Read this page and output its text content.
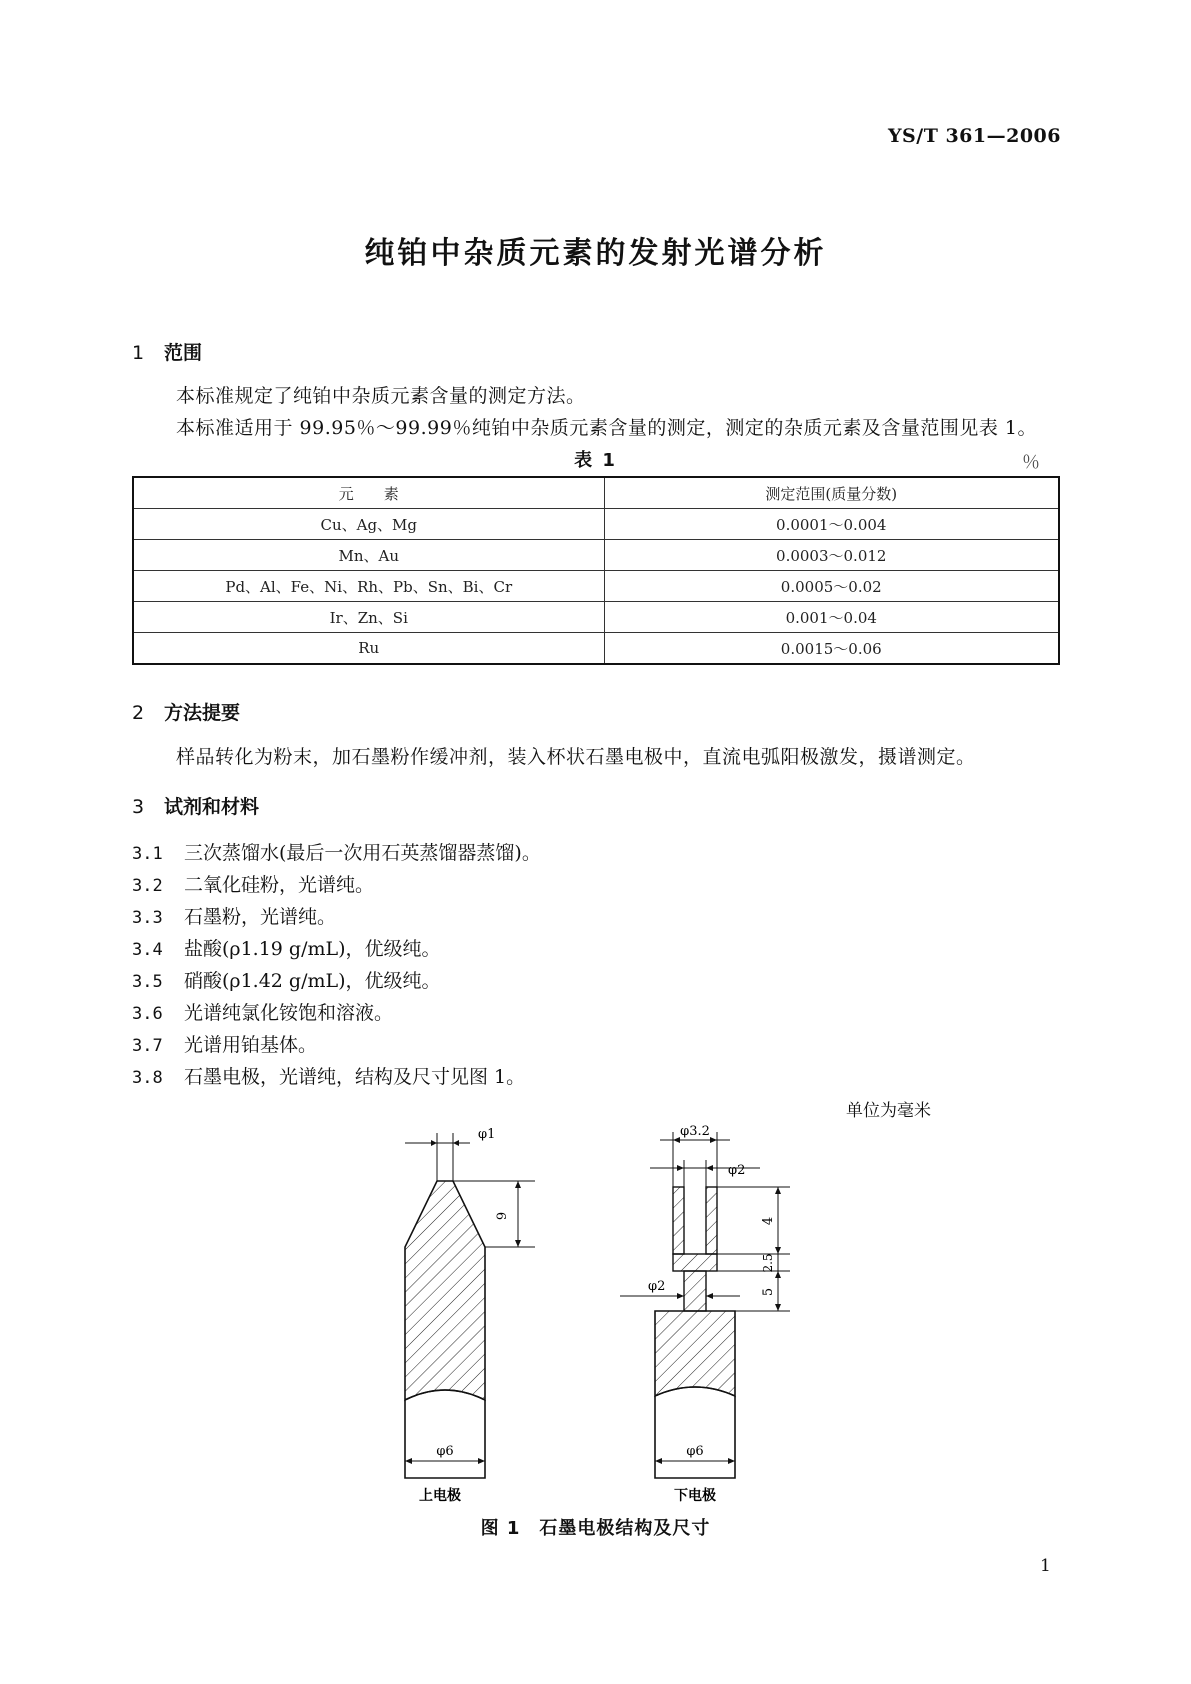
YS/T 361—2006
纯铂中杂质元素的发射光谱分析
1 范围
本标准规定了纯铂中杂质元素含量的测定方法。
本标准适用于 99.95％～99.99％纯铂中杂质元素含量的测定，测定的杂质元素及含量范围见表 1。
表 1	％
元　　素	测定范围(质量分数)
Cu、Ag、Mg	0.0001～0.004
Mn、Au	0.0003～0.012
Pd、Al、Fe、Ni、Rh、Pb、Sn、Bi、Cr	0.0005～0.02
Ir、Zn、Si	0.001～0.04
Ru	0.0015～0.06
2 方法提要
样品转化为粉末，加石墨粉作缓冲剂，装入杯状石墨电极中，直流电弧阳极激发，摄谱测定。
3 试剂和材料
3.1 三次蒸馏水(最后一次用石英蒸馏器蒸馏)。
3.2 二氧化硅粉，光谱纯。
3.3 石墨粉，光谱纯。
3.4 盐酸(ρ1.19 g/mL)，优级纯。
3.5 硝酸(ρ1.42 g/mL)，优级纯。
3.6 光谱纯氯化铵饱和溶液。
3.7 光谱用铂基体。
3.8 石墨电极，光谱纯，结构及尺寸见图 1。
单位为毫米
φ1
9
φ6
φ3.2
φ2
4
2.5
5
φ2
φ6
上电极	下电极
图 1　石墨电极结构及尺寸
1
